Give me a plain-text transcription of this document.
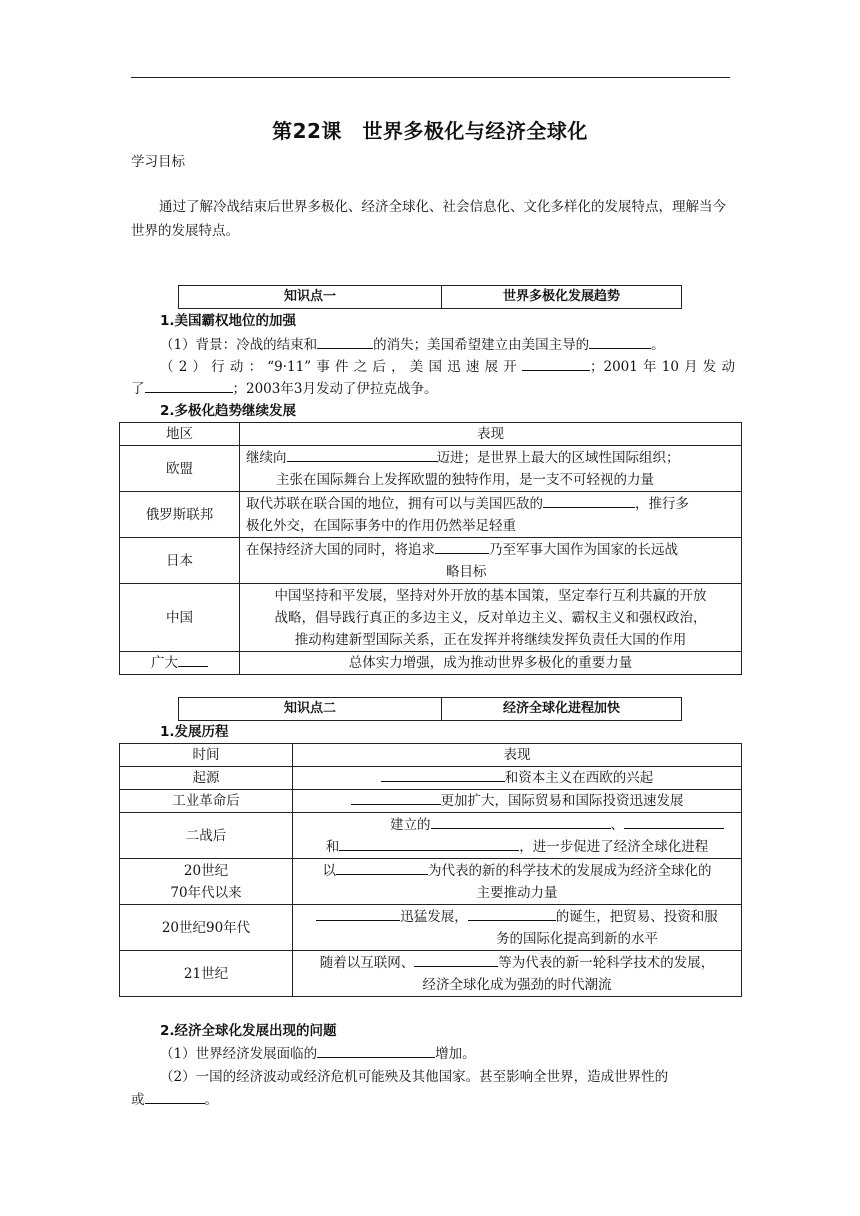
第22课　世界多极化与经济全球化
学习目标
通过了解冷战结束后世界多极化、经济全球化、社会信息化、文化多样化的发展特点，理解当今世界的发展特点。
知识点一	世界多极化发展趋势
1.美国霸权地位的加强
（1）背景：冷战的结束和	的消失；美国希望建立由美国主导的	。
（2）行动：“9·11”事件之后，美国迅速展开	；2001年10月发动
了	；2003年3月发动了伊拉克战争。
2.多极化趋势继续发展
地区	表现
欧盟	继续向 迈进；是世界上最大的区域性国际组织；
主张在国际舞台上发挥欧盟的独特作用，是一支不可轻视的力量
俄罗斯联邦	取代苏联在联合国的地位，拥有可以与美国匹敌的 ，推行多
极化外交，在国际事务中的作用仍然举足轻重
日本	在保持经济大国的同时，将追求 乃至军事大国作为国家的长远战
略目标
中国	中国坚持和平发展，坚持对外开放的基本国策，坚定奉行互利共赢的开放
战略，倡导践行真正的多边主义，反对单边主义、霸权主义和强权政治，
推动构建新型国际关系，正在发挥并将继续发挥负责任大国的作用
广大	总体实力增强，成为推动世界多极化的重要力量
知识点二	经济全球化进程加快
1.发展历程
时间	表现
起源	和资本主义在西欧的兴起
工业革命后	更加扩大，国际贸易和国际投资迅速发展
二战后	建立的 、
和 ，进一步促进了经济全球化进程
20世纪
70年代以来	以 为代表的新的科学技术的发展成为经济全球化的
主要推动力量
20世纪90年代	迅猛发展， 的诞生，把贸易、投资和服
务的国际化提高到新的水平
21世纪	随着以互联网、 等为代表的新一轮科学技术的发展，
经济全球化成为强劲的时代潮流
2.经济全球化发展出现的问题
（1）世界经济发展面临的	增加。
（2）一国的经济波动或经济危机可能殃及其他国家。甚至影响全世界，造成世界性的
或	。
